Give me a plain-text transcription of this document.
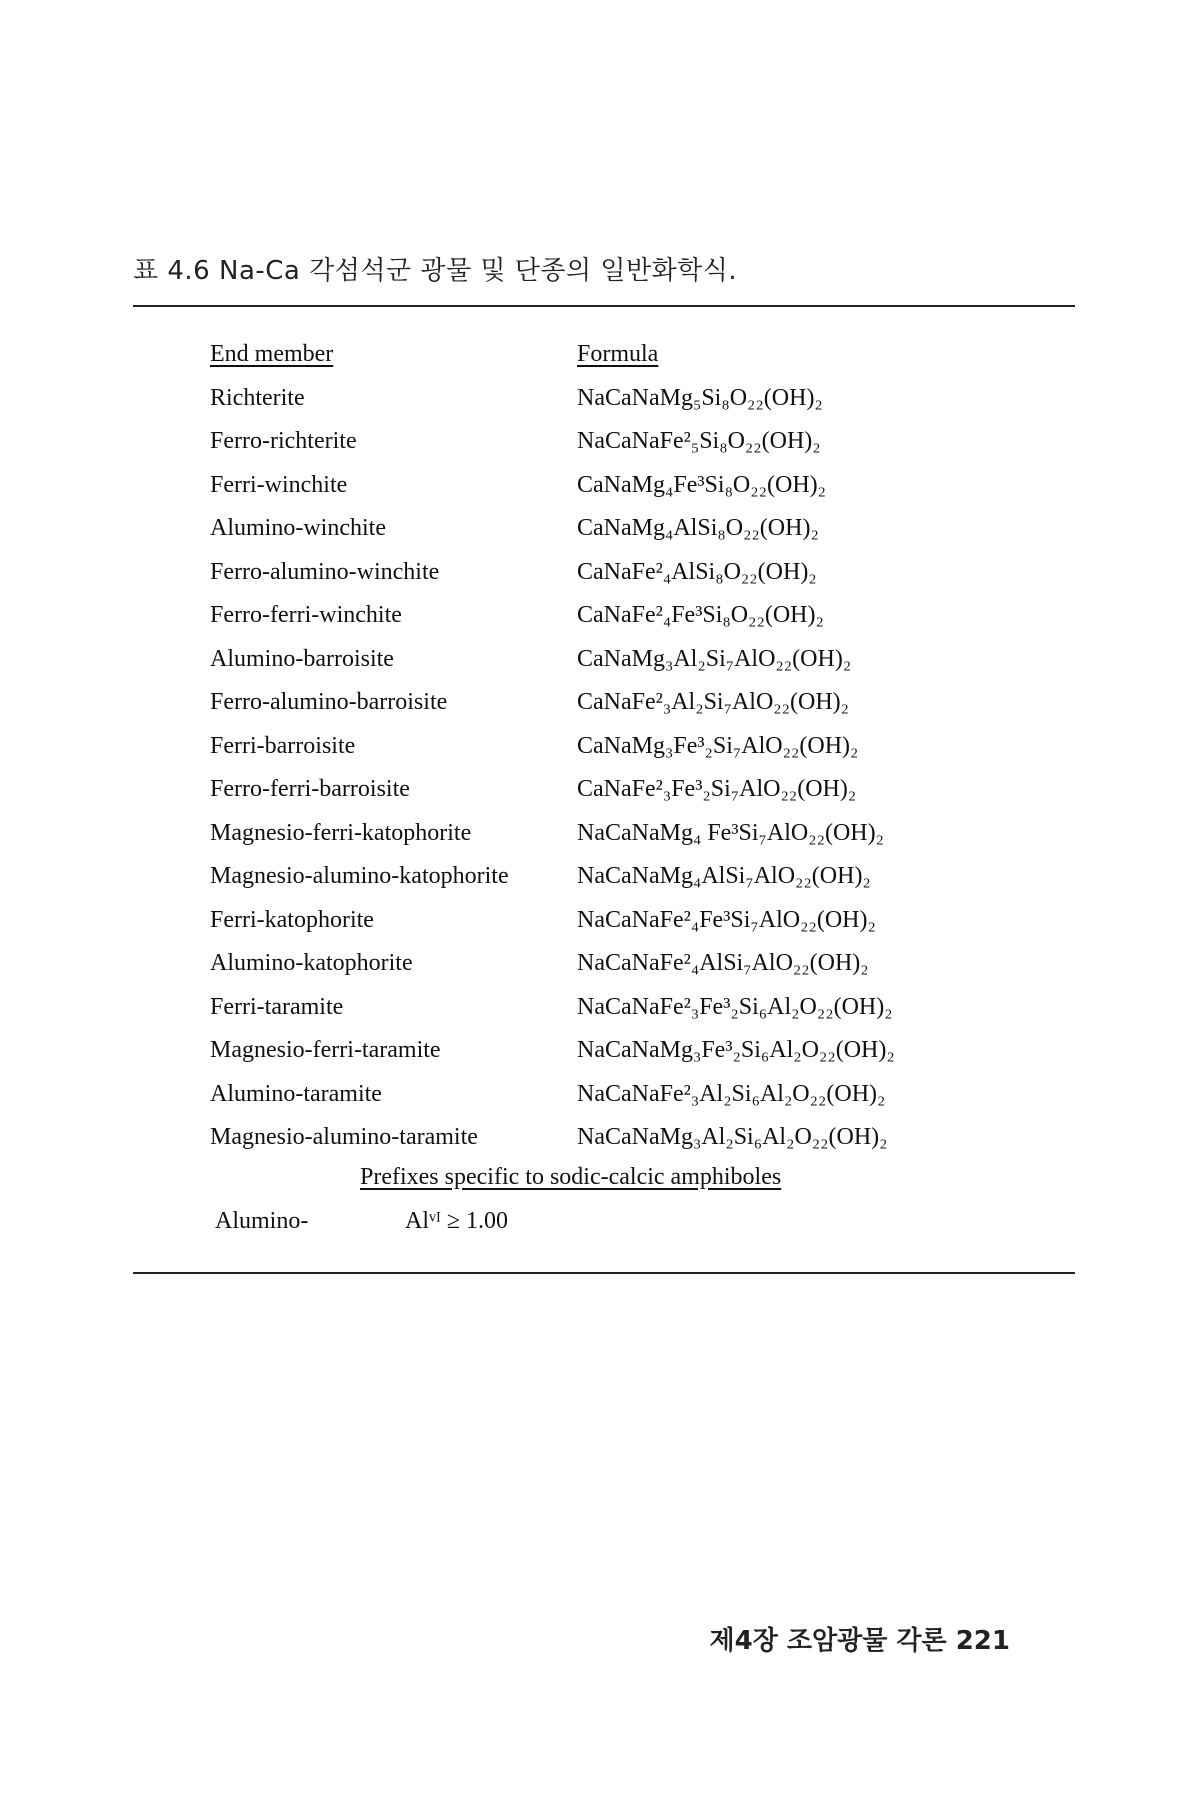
표 4.6 Na-Ca 각섬석군 광물 및 단종의 일반화학식.
End member	Formula
Richterite	NaCaNaMg₅Si₈O₂₂(OH)₂
Ferro-richterite	NaCaNaFe²₅Si₈O₂₂(OH)₂
Ferri-winchite	CaNaMg₄Fe³Si₈O₂₂(OH)₂
Alumino-winchite	CaNaMg₄AlSi₈O₂₂(OH)₂
Ferro-alumino-winchite	CaNaFe²₄AlSi₈O₂₂(OH)₂
Ferro-ferri-winchite	CaNaFe²₄Fe³Si₈O₂₂(OH)₂
Alumino-barroisite	CaNaMg₃Al₂Si₇AlO₂₂(OH)₂
Ferro-alumino-barroisite	CaNaFe²₃Al₂Si₇AlO₂₂(OH)₂
Ferri-barroisite	CaNaMg₃Fe³₂Si₇AlO₂₂(OH)₂
Ferro-ferri-barroisite	CaNaFe²₃Fe³₂Si₇AlO₂₂(OH)₂
Magnesio-ferri-katophorite	NaCaNaMg₄ Fe³Si₇AlO₂₂(OH)₂
Magnesio-alumino-katophorite	NaCaNaMg₄AlSi₇AlO₂₂(OH)₂
Ferri-katophorite	NaCaNaFe²₄Fe³Si₇AlO₂₂(OH)₂
Alumino-katophorite	NaCaNaFe²₄AlSi₇AlO₂₂(OH)₂
Ferri-taramite	NaCaNaFe²₃Fe³₂Si₆Al₂O₂₂(OH)₂
Magnesio-ferri-taramite	NaCaNaMg₃Fe³₂Si₆Al₂O₂₂(OH)₂
Alumino-taramite	NaCaNaFe²₃Al₂Si₆Al₂O₂₂(OH)₂
Magnesio-alumino-taramite	NaCaNaMg₃Al₂Si₆Al₂O₂₂(OH)₂
Prefixes specific to sodic-calcic amphiboles
Alumino-	Alᵛᴵ ≥ 1.00
제4장 조암광물 각론 221
